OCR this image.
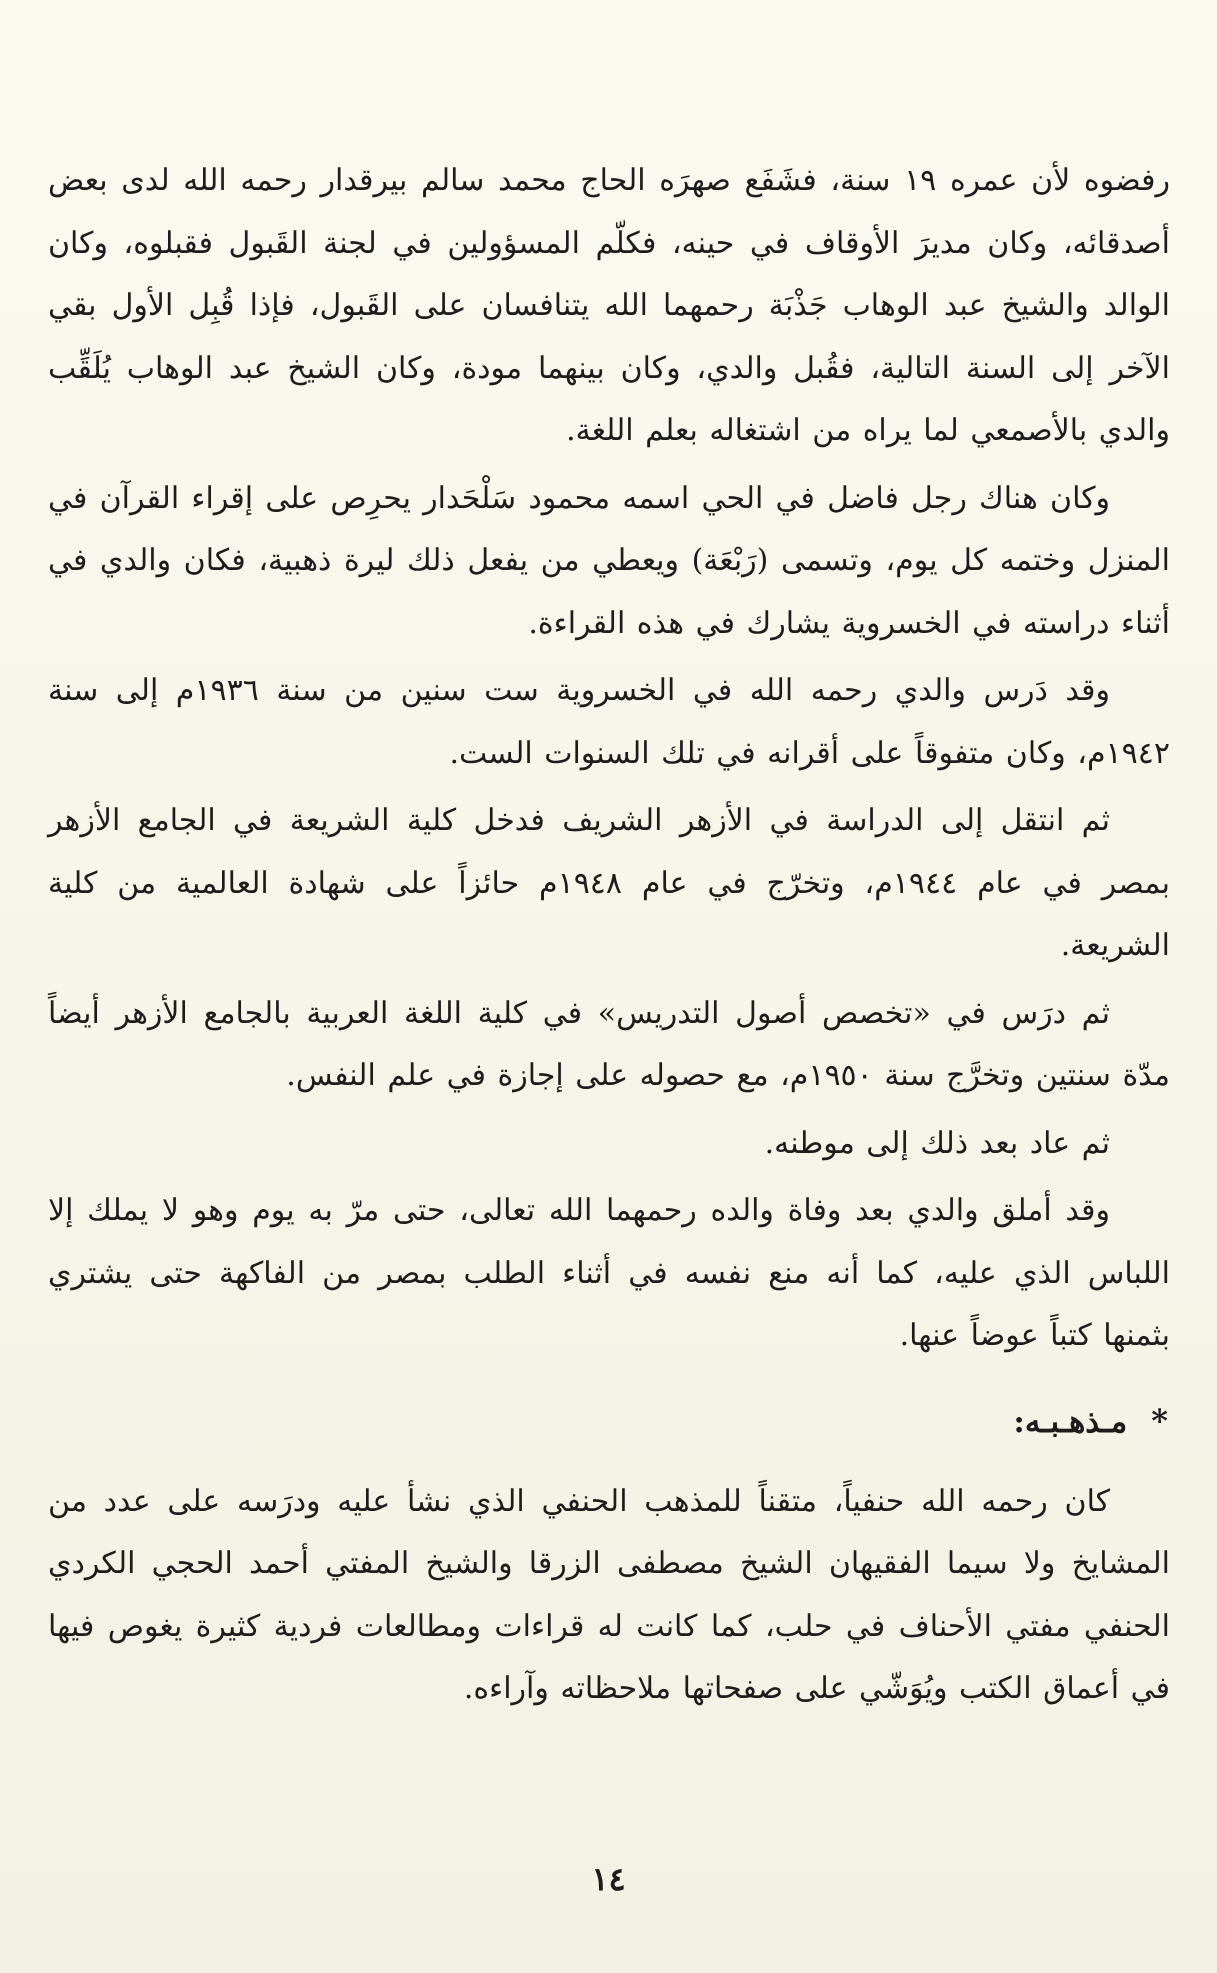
رفضوه لأن عمره ١٩ سنة، فشَفَع صهرَه الحاج محمد سالم بيرقدار رحمه الله لدى بعض أصدقائه، وكان مديرَ الأوقاف في حينه، فكلّم المسؤولين في لجنة القَبول فقبلوه، وكان الوالد والشيخ عبد الوهاب جَذْبَة رحمهما الله يتنافسان على القَبول، فإذا قُبِل الأول بقي الآخر إلى السنة التالية، فقُبل والدي، وكان بينهما مودة، وكان الشيخ عبد الوهاب يُلَقِّب والدي بالأصمعي لما يراه من اشتغاله بعلم اللغة.

وكان هناك رجل فاضل في الحي اسمه محمود سَلْحَدار يحرِص على إقراء القرآن في المنزل وختمه كل يوم، وتسمى (رَبْعَة) ويعطي من يفعل ذلك ليرة ذهبية، فكان والدي في أثناء دراسته في الخسروية يشارك في هذه القراءة.

وقد دَرس والدي رحمه الله في الخسروية ست سنين من سنة ١٩٣٦م إلى سنة ١٩٤٢م، وكان متفوقاً على أقرانه في تلك السنوات الست.

ثم انتقل إلى الدراسة في الأزهر الشريف فدخل كلية الشريعة في الجامع الأزهر بمصر في عام ١٩٤٤م، وتخرّج في عام ١٩٤٨م حائزاً على شهادة العالمية من كلية الشريعة.

ثم درَس في «تخصص أصول التدريس» في كلية اللغة العربية بالجامع الأزهر أيضاً مدّة سنتين وتخرَّج سنة ١٩٥٠م، مع حصوله على إجازة في علم النفس.

ثم عاد بعد ذلك إلى موطنه.

وقد أملق والدي بعد وفاة والده رحمهما الله تعالى، حتى مرّ به يوم وهو لا يملك إلا اللباس الذي عليه، كما أنه منع نفسه في أثناء الطلب بمصر من الفاكهة حتى يشتري بثمنها كتباً عوضاً عنها.

*مـذهـبـه:

كان رحمه الله حنفياً، متقناً للمذهب الحنفي الذي نشأ عليه ودرَسه على عدد من المشايخ ولا سيما الفقيهان الشيخ مصطفى الزرقا والشيخ المفتي أحمد الحجي الكردي الحنفي مفتي الأحناف في حلب، كما كانت له قراءات ومطالعات فردية كثيرة يغوص فيها في أعماق الكتب ويُوَشّي على صفحاتها ملاحظاته وآراءه.

١٤
